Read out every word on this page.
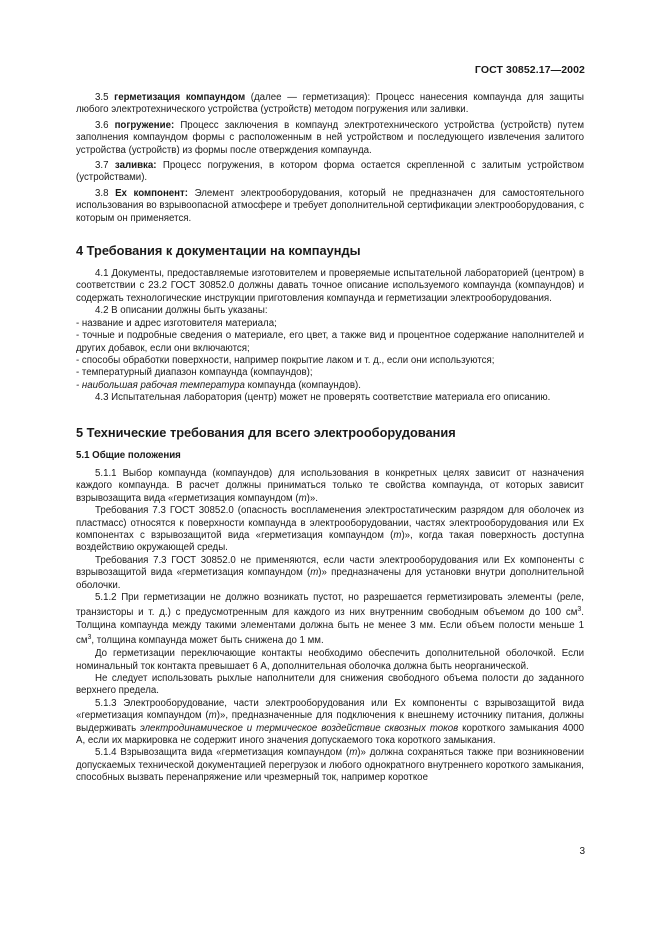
ГОСТ 30852.17—2002

3.5 герметизация компаундом (далее — герметизация): Процесс нанесения компаунда для защиты любого электротехнического устройства (устройств) методом погружения или заливки.

3.6 погружение: Процесс заключения в компаунд электротехнического устройства (устройств) путем заполнения компаундом формы с расположенным в ней устройством и последующего извлечения залитого устройства (устройств) из формы после отверждения компаунда.

3.7 заливка: Процесс погружения, в котором форма остается скрепленной с залитым устройством (устройствами).

3.8 Ex компонент: Элемент электрооборудования, который не предназначен для самостоятельного использования во взрывоопасной атмосфере и требует дополнительной сертификации электрооборудования, с которым он применяется.

4 Требования к документации на компаунды

4.1 Документы, предоставляемые изготовителем и проверяемые испытательной лабораторией (центром) в соответствии с 23.2 ГОСТ 30852.0 должны давать точное описание используемого компаунда (компаундов) и содержать технологические инструкции приготовления компаунда и герметизации электрооборудования.

4.2 В описании должны быть указаны:

- название и адрес изготовителя материала;

- точные и подробные сведения о материале, его цвет, а также вид и процентное содержание наполнителей и других добавок, если они включаются;

- способы обработки поверхности, например покрытие лаком и т. д., если они используются;

- температурный диапазон компаунда (компаундов);

- наибольшая рабочая температура компаунда (компаундов).

4.3 Испытательная лаборатория (центр) может не проверять соответствие материала его описанию.

5 Технические требования для всего электрооборудования
5.1 Общие положения

5.1.1 Выбор компаунда (компаундов) для использования в конкретных целях зависит от назначения каждого компаунда. В расчет должны приниматься только те свойства компаунда, от которых зависит взрывозащита вида «герметизация компаундом (m)».

Требования 7.3 ГОСТ 30852.0 (опасность воспламенения электростатическим разрядом для оболочек из пластмасс) относятся к поверхности компаунда в электрооборудовании, частях электрооборудования или Ex компонентах с взрывозащитой вида «герметизация компаундом (m)», когда такая поверхность доступна воздействию окружающей среды.

Требования 7.3 ГОСТ 30852.0 не применяются, если части электрооборудования или Ex компоненты с взрывозащитой вида «герметизация компаундом (m)» предназначены для установки внутри дополнительной оболочки.

5.1.2 При герметизации не должно возникать пустот, но разрешается герметизировать элементы (реле, транзисторы и т. д.) с предусмотренным для каждого из них внутренним свободным объемом до 100 $см^3$. Толщина компаунда между такими элементами должна быть не менее 3 мм. Если объем полости меньше 1 $см^3$, толщина компаунда может быть снижена до 1 мм.

До герметизации переключающие контакты необходимо обеспечить дополнительной оболочкой. Если номинальный ток контакта превышает 6 А, дополнительная оболочка должна быть неорганической.

Не следует использовать рыхлые наполнители для снижения свободного объема полости до заданного верхнего предела.

5.1.3 Электрооборудование, части электрооборудования или Ex компоненты с взрывозащитой вида «герметизация компаундом (m)», предназначенные для подключения к внешнему источнику питания, должны выдерживать электродинамическое и термическое воздействие сквозных токов короткого замыкания 4000 А, если их маркировка не содержит иного значения допускаемого тока короткого замыкания.

5.1.4 Взрывозащита вида «герметизация компаундом (m)» должна сохраняться также при возникновении допускаемых технической документацией перегрузок и любого однократного внутреннего короткого замыкания, способных вызвать перенапряжение или чрезмерный ток, например короткое

3
